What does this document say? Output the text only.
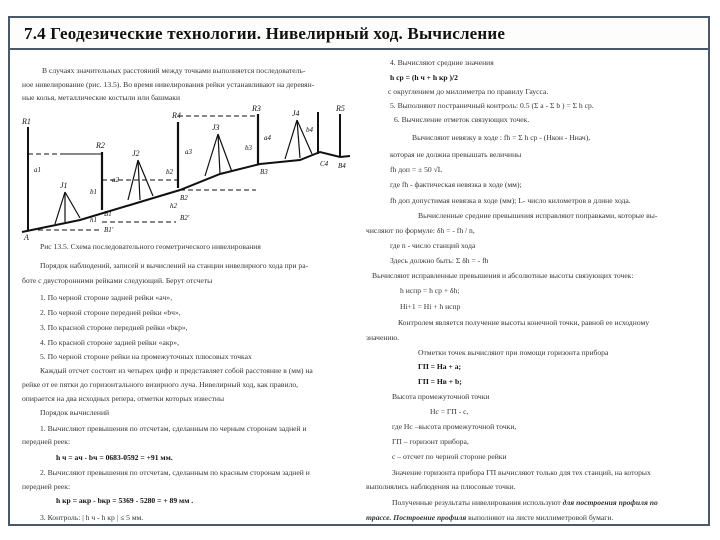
7.4 Геодезические технологии. Нивелирный ход. Вычисление
В случаях значительных расстояний между точками выполняется последователь-
ное нивелирование (рис. 13.5). Во время нивелирования рейки устанавливают на деревян-
ные колья, металлические костыли или башмаки
R1
J1
a1
b1
h1
B1
B1'
A
R2
J2
a2
b2
h2
B2
B2'
R4
J3
a3	b3
B3
R3
J4
a4
b4
C4 B4
R5
Рис 13.5. Схема последовательного геометрического нивелирования
Порядок наблюдений, записей и вычислений на станции нивелирного хода при ра-
боте с двусторонними рейками следующий. Берут отсчеты
1. По черной стороне задней рейки «aч»,
2. По черной стороне передней рейки «bч»,
3. По красной стороне передней рейки «bкр»,
4. По красной стороне задней рейки «aкр»,
5. По черной стороне рейки на промежуточных плюсовых точках
Каждый отсчет состоит из четырех цифр и представляет собой расстояние в (мм) на
рейке от ее пятки до горизонтального визирного луча. Нивелирный ход, как правило,
опирается на два исходных репера, отметки которых известны
Порядок вычислений
1. Вычисляют превышения по отсчетам, сделанным по черным сторонам задней и
передней реек:
h ч = aч - bч = 0683-0592 = +91 мм.
2. Вычисляют превышения по отсчетам, сделанным по красным сторонам задней и
передней реек:
h кр = aкр - bкр = 5369 - 5280 = + 89 мм .
3. Контроль: | h ч - h кр | ≤ 5 мм.
4. Вычисляют средние значения
h ср = (h ч + h кр )/2
с округлением до миллиметра по правилу Гаусса.
5. Выполняют постраничный контроль: 0.5 (Σ a - Σ b ) = Σ h ср.
6. Вычисление отметок связующих точек.
Вычисляют невязку в ходе : fh = Σ h ср - (Hкон - Hнач),
которая не должна превышать величины
fh доп = ± 50 √L
где fh - фактическая невязка в ходе (мм);
fh доп допустимая невязка в ходе (мм); L- число километров в длине хода.
Вычисленные средние превышения исправляют поправками, которые вы-
числяют по формуле: δh = - fh / n,
где n - число станций хода
Здесь должно быть: Σ δh = - fh
Вычисляют исправленные превышения и абсолютные высоты связующих точек:
h испр = h ср + δh;
Hi+1 = Hi + h испр
Контролем является получение высоты конечной точки, равной ее исходному
значению.
Отметки точек вычисляют при помощи горизонта прибора
ГП = Hа + a;
ГП = Hв + b;
Высота промежуточной точки
Hс = ГП - с,
где Hс –высота промежуточной точки,
ГП – горизонт прибора,
с – отсчет по черной стороне рейки
Значение горизонта прибора ГП вычисляют только для тех станций, на которых
выполнялись наблюдения на плюсовые точки.
Полученные результаты нивелирования используют для построения профиля по
трассе. Построение профиля выполняют на листе миллиметровой бумаги.
